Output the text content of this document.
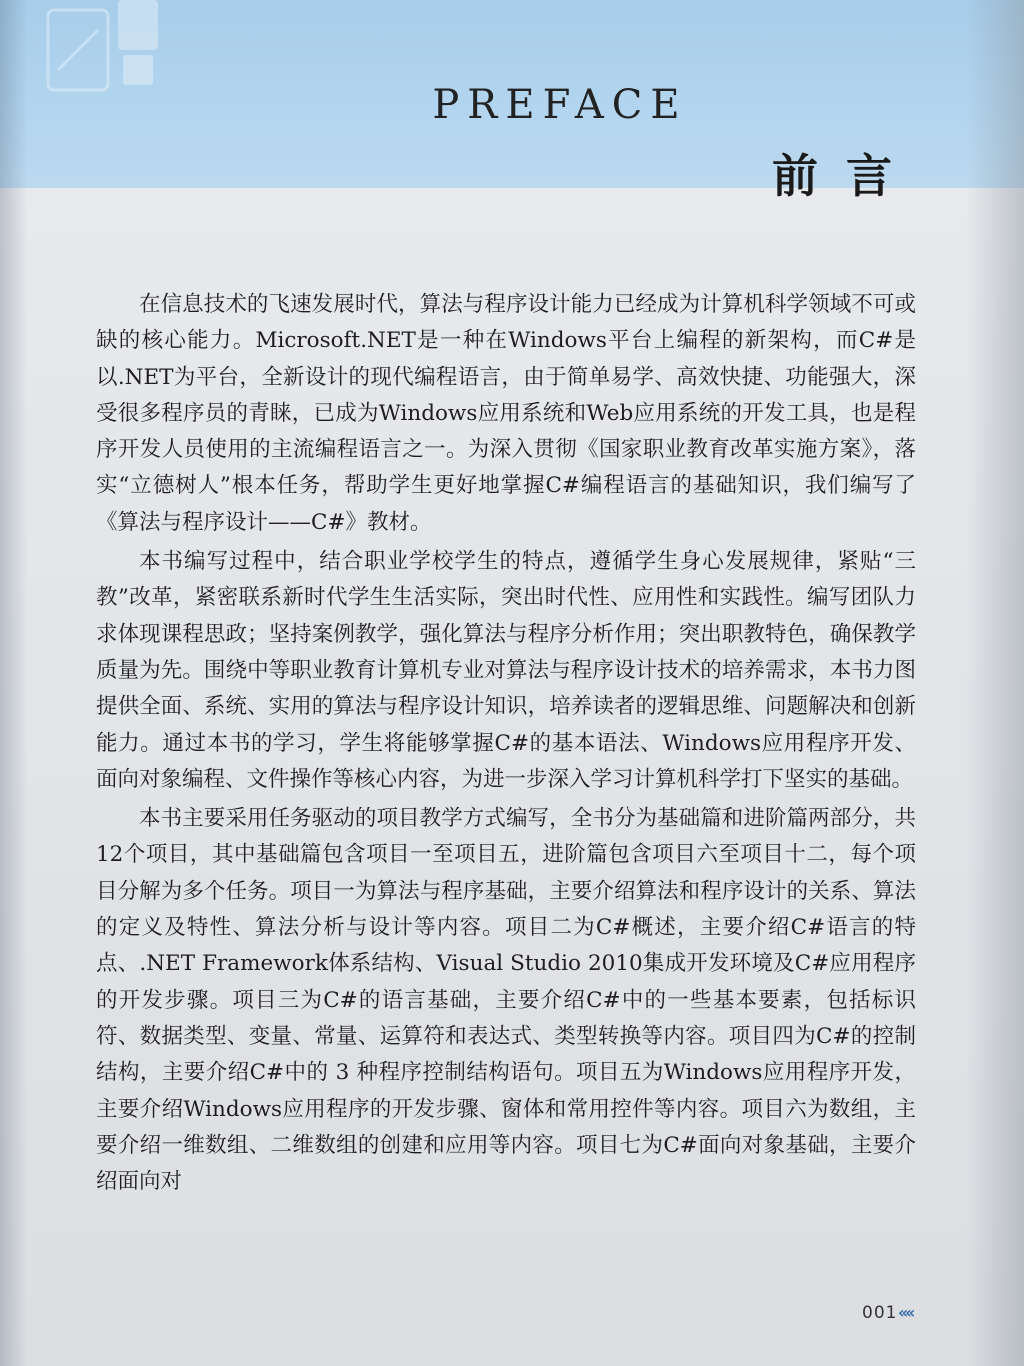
PREFACE
前言

在信息技术的飞速发展时代，算法与程序设计能力已经成为计算机科学领域不可或缺的核心能力。Microsoft.NET是一种在Windows平台上编程的新架构，而C#是以.NET为平台，全新设计的现代编程语言，由于简单易学、高效快捷、功能强大，深受很多程序员的青睐，已成为Windows应用系统和Web应用系统的开发工具，也是程序开发人员使用的主流编程语言之一。为深入贯彻《国家职业教育改革实施方案》，落实“立德树人”根本任务，帮助学生更好地掌握C#编程语言的基础知识，我们编写了《算法与程序设计——C#》教材。

本书编写过程中，结合职业学校学生的特点，遵循学生身心发展规律，紧贴“三教”改革，紧密联系新时代学生生活实际，突出时代性、应用性和实践性。编写团队力求体现课程思政；坚持案例教学，强化算法与程序分析作用；突出职教特色，确保教学质量为先。围绕中等职业教育计算机专业对算法与程序设计技术的培养需求，本书力图提供全面、系统、实用的算法与程序设计知识，培养读者的逻辑思维、问题解决和创新能力。通过本书的学习，学生将能够掌握C#的基本语法、Windows应用程序开发、面向对象编程、文件操作等核心内容，为进一步深入学习计算机科学打下坚实的基础。

本书主要采用任务驱动的项目教学方式编写，全书分为基础篇和进阶篇两部分，共12个项目，其中基础篇包含项目一至项目五，进阶篇包含项目六至项目十二，每个项目分解为多个任务。项目一为算法与程序基础，主要介绍算法和程序设计的关系、算法的定义及特性、算法分析与设计等内容。项目二为C#概述，主要介绍C#语言的特点、.NET Framework体系结构、Visual Studio 2010集成开发环境及C#应用程序的开发步骤。项目三为C#的语言基础，主要介绍C#中的一些基本要素，包括标识符、数据类型、变量、常量、运算符和表达式、类型转换等内容。项目四为C#的控制结构，主要介绍C#中的 3 种程序控制结构语句。项目五为Windows应用程序开发，主要介绍Windows应用程序的开发步骤、窗体和常用控件等内容。项目六为数组，主要介绍一维数组、二维数组的创建和应用等内容。项目七为C#面向对象基础，主要介绍面向对

001 ‹‹‹‹
